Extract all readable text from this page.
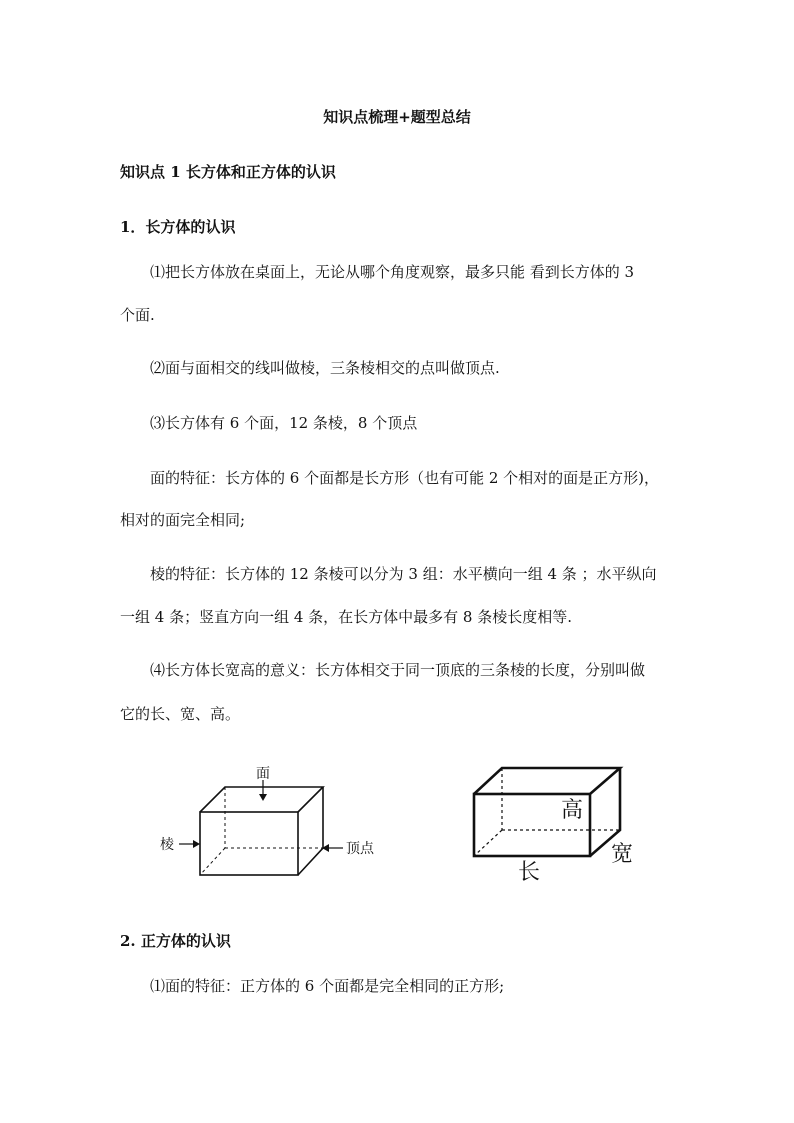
知识点梳理+题型总结
知识点 1 长方体和正方体的认识
1．长方体的认识
⑴把长方体放在桌面上，无论从哪个角度观察，最多只能 看到长方体的 3
个面.
⑵面与面相交的线叫做棱，三条棱相交的点叫做顶点.
⑶长方体有 6 个面，12 条棱，8 个顶点
面的特征：长方体的 6 个面都是长方形（也有可能 2 个相对的面是正方形)，
相对的面完全相同;
棱的特征：长方体的 12 条棱可以分为 3 组：水平横向一组 4 条 ；水平纵向
一组 4 条；竖直方向一组 4 条，在长方体中最多有 8 条棱长度相等.
⑷长方体长宽高的意义：长方体相交于同一顶底的三条棱的长度，分别叫做
它的长、宽、高。
面
棱	顶点
高
长
宽
2. 正方体的认识
⑴面的特征：正方体的 6 个面都是完全相同的正方形;
